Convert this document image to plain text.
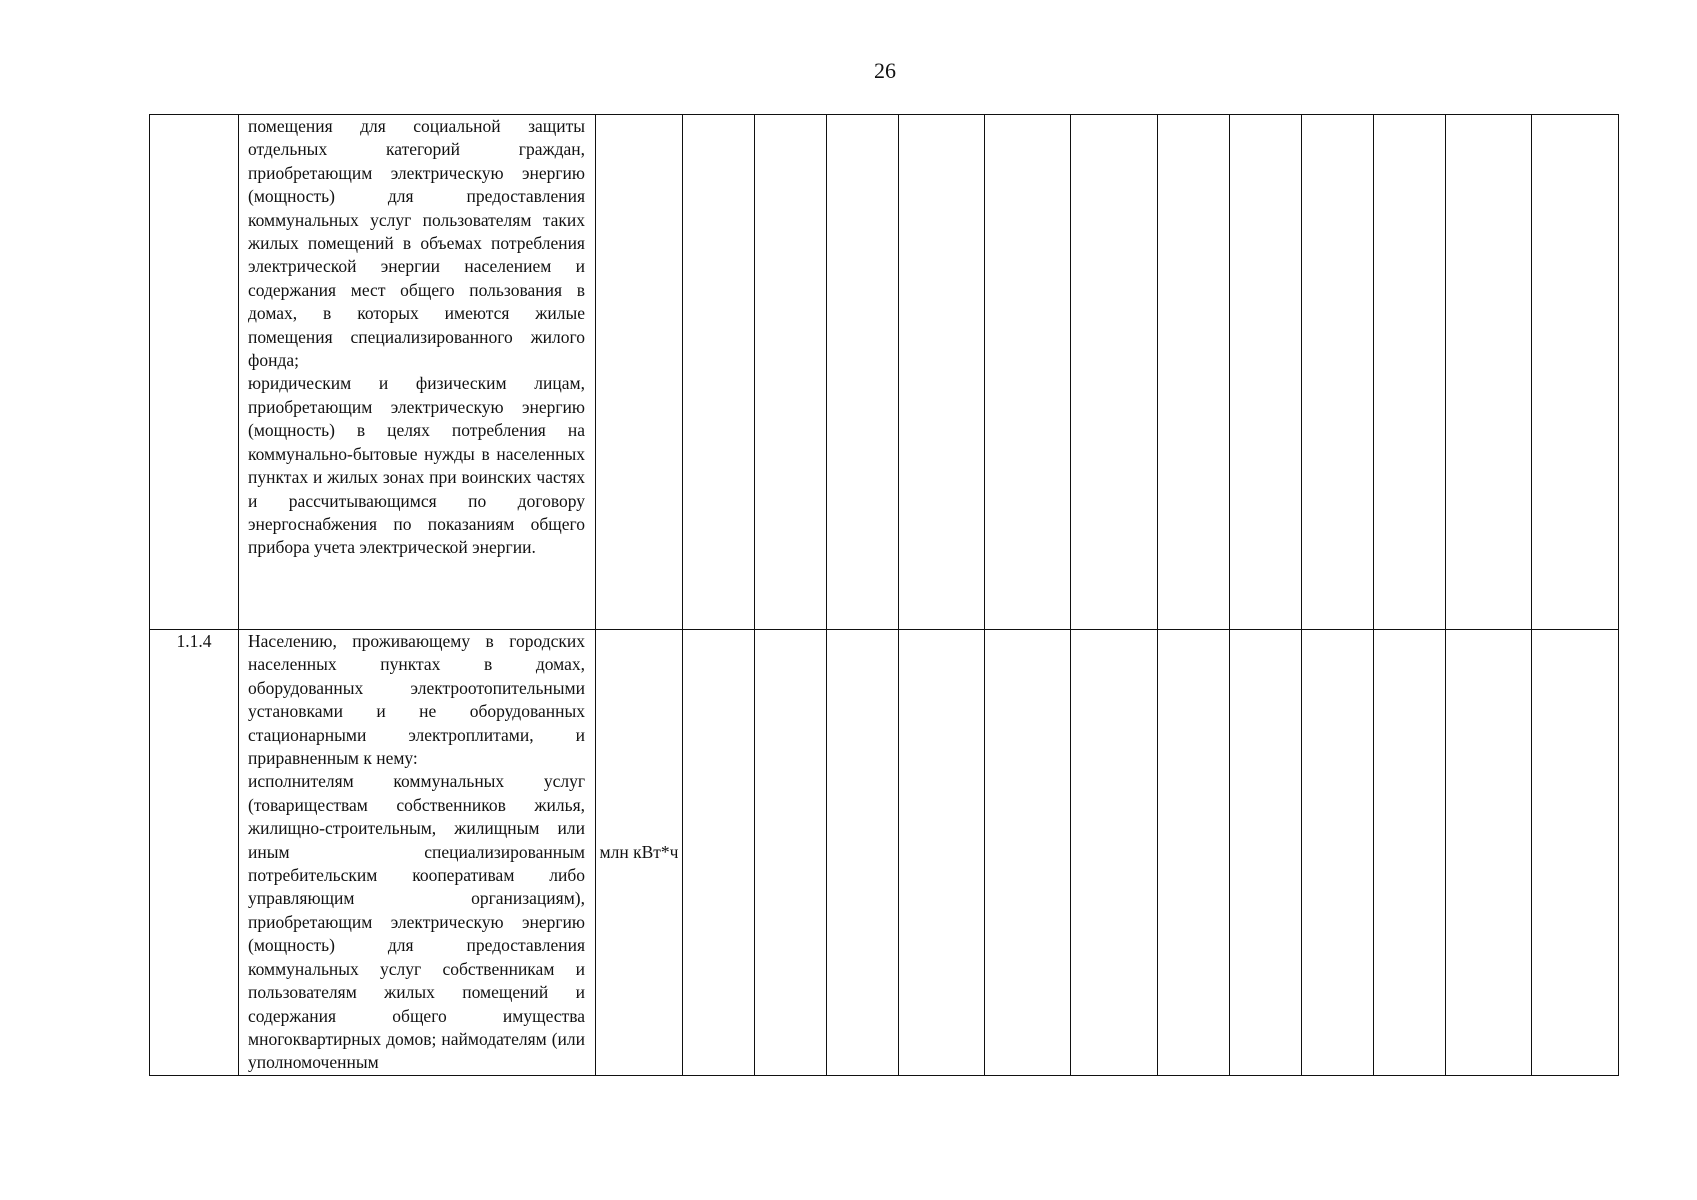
26

	помещения для социальной защиты отдельных категорий граждан, приобретающим электрическую энергию (мощность) для предоставления коммунальных услуг пользователям таких жилых помещений в объемах потребления электрической энергии населением и содержания мест общего пользования в домах, в которых имеются жилые помещения специализированного жилого фонда;

юридическим и физическим лицам, приобретающим электрическую энергию (мощность) в целях потребления на коммунально-бытовые нужды в населенных пунктах и жилых зонах при воинских частях и рассчитывающимся по договору энергоснабжения по показаниям общего прибора учета электрической энергии.													

1.1.4	Населению, проживающему в городских населенных пунктах в домах, оборудованных электроотопительными установками и не оборудованных стационарными электроплитами, и приравненным к нему:

исполнителям коммунальных услуг (товариществам собственников жилья, жилищно-строительным, жилищным или иным специализированным потребительским кооперативам либо управляющим организациям), приобретающим электрическую энергию (мощность) для предоставления коммунальных услуг собственникам и пользователям жилых помещений и содержания общего имущества многоквартирных домов; наймодателям (или уполномоченным	млн кВт*ч												
